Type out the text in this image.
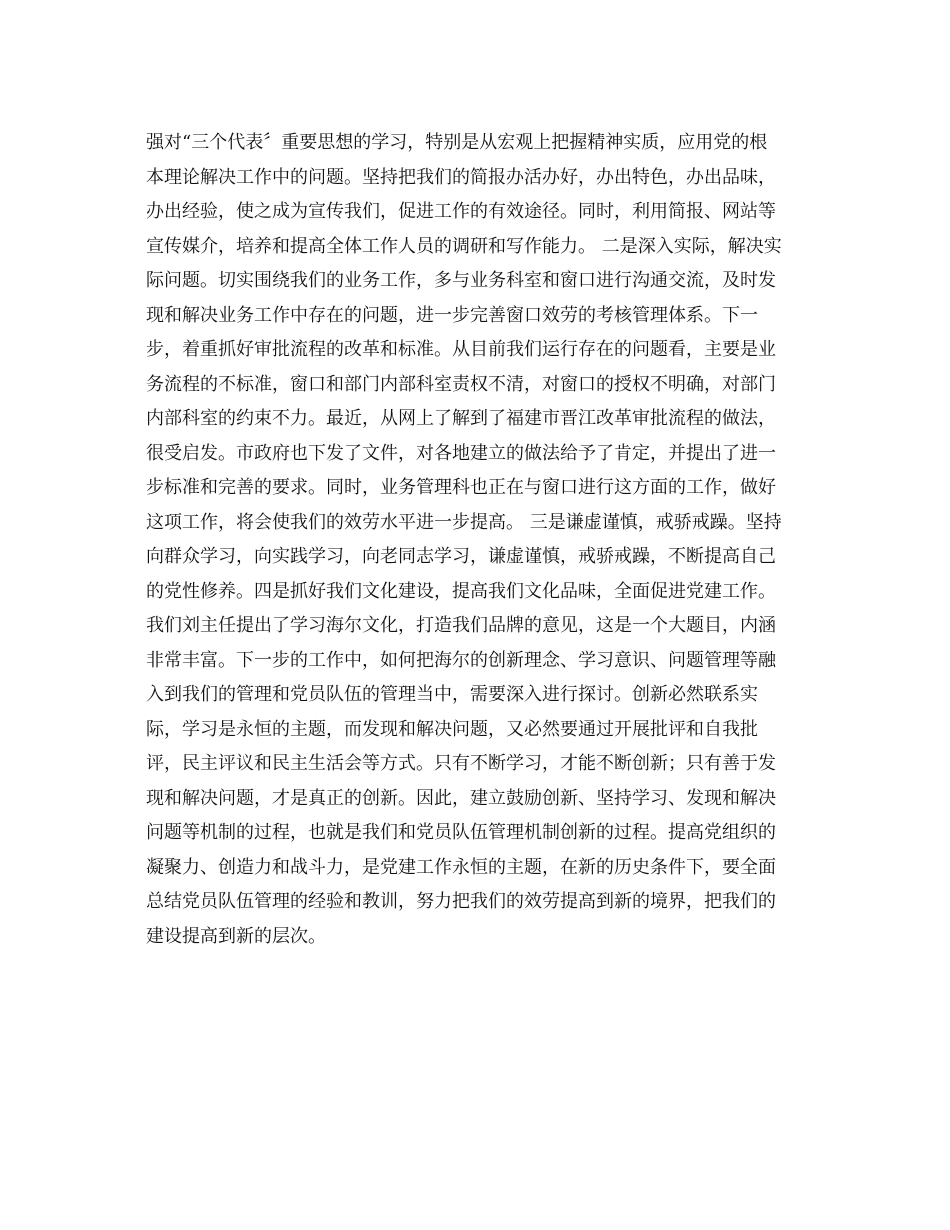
强对“三个代表〞重要思想的学习，特别是从宏观上把握精神实质，应用党的根
本理论解决工作中的问题。坚持把我们的简报办活办好，办出特色，办出品味，
办出经验，使之成为宣传我们，促进工作的有效途径。同时，利用简报、网站等
宣传媒介，培养和提高全体工作人员的调研和写作能力。 二是深入实际，解决实
际问题。切实围绕我们的业务工作，多与业务科室和窗口进行沟通交流，及时发
现和解决业务工作中存在的问题，进一步完善窗口效劳的考核管理体系。下一
步，着重抓好审批流程的改革和标准。从目前我们运行存在的问题看，主要是业
务流程的不标准，窗口和部门内部科室责权不清，对窗口的授权不明确，对部门
内部科室的约束不力。最近，从网上了解到了福建市晋江改革审批流程的做法，
很受启发。市政府也下发了文件，对各地建立的做法给予了肯定，并提出了进一
步标准和完善的要求。同时，业务管理科也正在与窗口进行这方面的工作，做好
这项工作，将会使我们的效劳水平进一步提高。 三是谦虚谨慎，戒骄戒躁。坚持
向群众学习，向实践学习，向老同志学习，谦虚谨慎，戒骄戒躁，不断提高自己
的党性修养。四是抓好我们文化建设，提高我们文化品味，全面促进党建工作。
我们刘主任提出了学习海尔文化，打造我们品牌的意见，这是一个大题目，内涵
非常丰富。下一步的工作中，如何把海尔的创新理念、学习意识、问题管理等融
入到我们的管理和党员队伍的管理当中，需要深入进行探讨。创新必然联系实
际，学习是永恒的主题，而发现和解决问题，又必然要通过开展批评和自我批
评，民主评议和民主生活会等方式。只有不断学习，才能不断创新；只有善于发
现和解决问题，才是真正的创新。因此，建立鼓励创新、坚持学习、发现和解决
问题等机制的过程，也就是我们和党员队伍管理机制创新的过程。提高党组织的
凝聚力、创造力和战斗力，是党建工作永恒的主题，在新的历史条件下，要全面
总结党员队伍管理的经验和教训，努力把我们的效劳提高到新的境界，把我们的
建设提高到新的层次。
